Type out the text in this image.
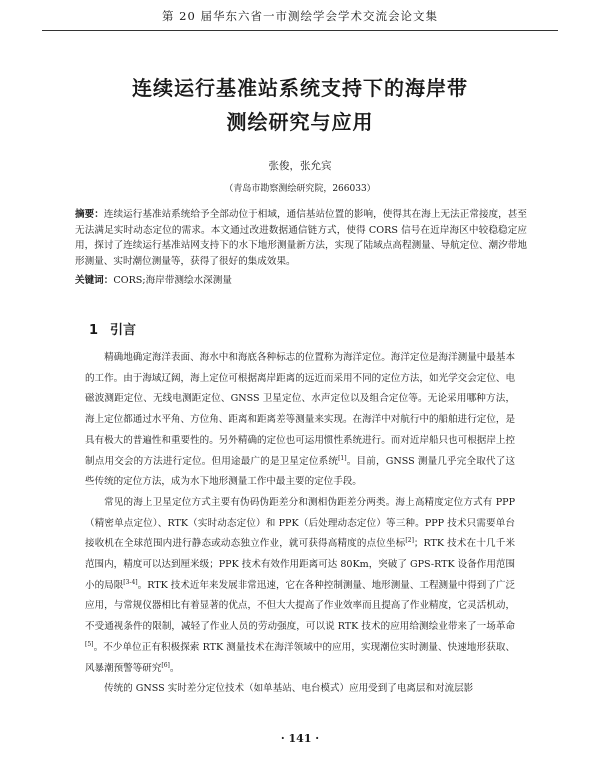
第 20 届华东六省一市测绘学会学术交流会论文集
连续运行基准站系统支持下的海岸带
测绘研究与应用
张俊，张允宾
（青岛市勘察测绘研究院，266033）
摘要：连续运行基准站系统给予全部动位于相域，通信基站位置的影响，使得其在海上无法正常接度，甚至无法满足实时动态定位的需求。本文通过改进数据通信链方式，使得 CORS 信号在近岸海区中较稳稳定应用，探讨了连续运行基准站网支持下的水下地形测量新方法，实现了陆域点高程测量、导航定位、潮汐带地形测量、实时潮位测量等，获得了很好的集成效果。
关键词：CORS;海岸带测绘水深测量
1 引言

精确地确定海洋表面、海水中和海底各种标志的位置称为海洋定位。海洋定位是海洋测量中最基本的工作。由于海域辽阔，海上定位可根据离岸距离的远近而采用不同的定位方法，如光学交会定位、电磁波测距定位、无线电测距定位、GNSS 卫星定位、水声定位以及组合定位等。无论采用哪种方法，海上定位都通过水平角、方位角、距离和距离差等测量来实现。在海洋中对航行中的船舶进行定位，是具有极大的普遍性和重要性的。另外精确的定位也可运用惯性系统进行。而对近岸船只也可根据岸上控制点用交会的方法进行定位。但用途最广的是卫星定位系统[1]。目前，GNSS 测量几乎完全取代了这些传统的定位方法，成为水下地形测量工作中最主要的定位手段。

常见的海上卫星定位方式主要有伪码伪距差分和测相伪距差分两类。海上高精度定位方式有 PPP（精密单点定位）、RTK（实时动态定位）和 PPK（后处理动态定位）等三种。PPP 技术只需要单台接收机在全球范围内进行静态或动态独立作业，就可获得高精度的点位坐标[2]；RTK 技术在十几千米范围内，精度可以达到厘米级；PPK 技术有效作用距离可达 80Km，突破了 GPS-RTK 设备作用范围小的局限[3-4]。RTK 技术近年来发展非常迅速，它在各种控制测量、地形测量、工程测量中得到了广泛应用，与常规仪器相比有着显著的优点，不但大大提高了作业效率而且提高了作业精度，它灵活机动，不受通视条件的限制，减轻了作业人员的劳动强度，可以说 RTK 技术的应用给测绘业带来了一场革命[5]。不少单位正有积极探索 RTK 测量技术在海洋领域中的应用，实现潮位实时测量、快速地形获取、风暴潮预警等研究[6]。

传统的 GNSS 实时差分定位技术（如单基站、电台模式）应用受到了电离层和对流层影

· 141 ·
